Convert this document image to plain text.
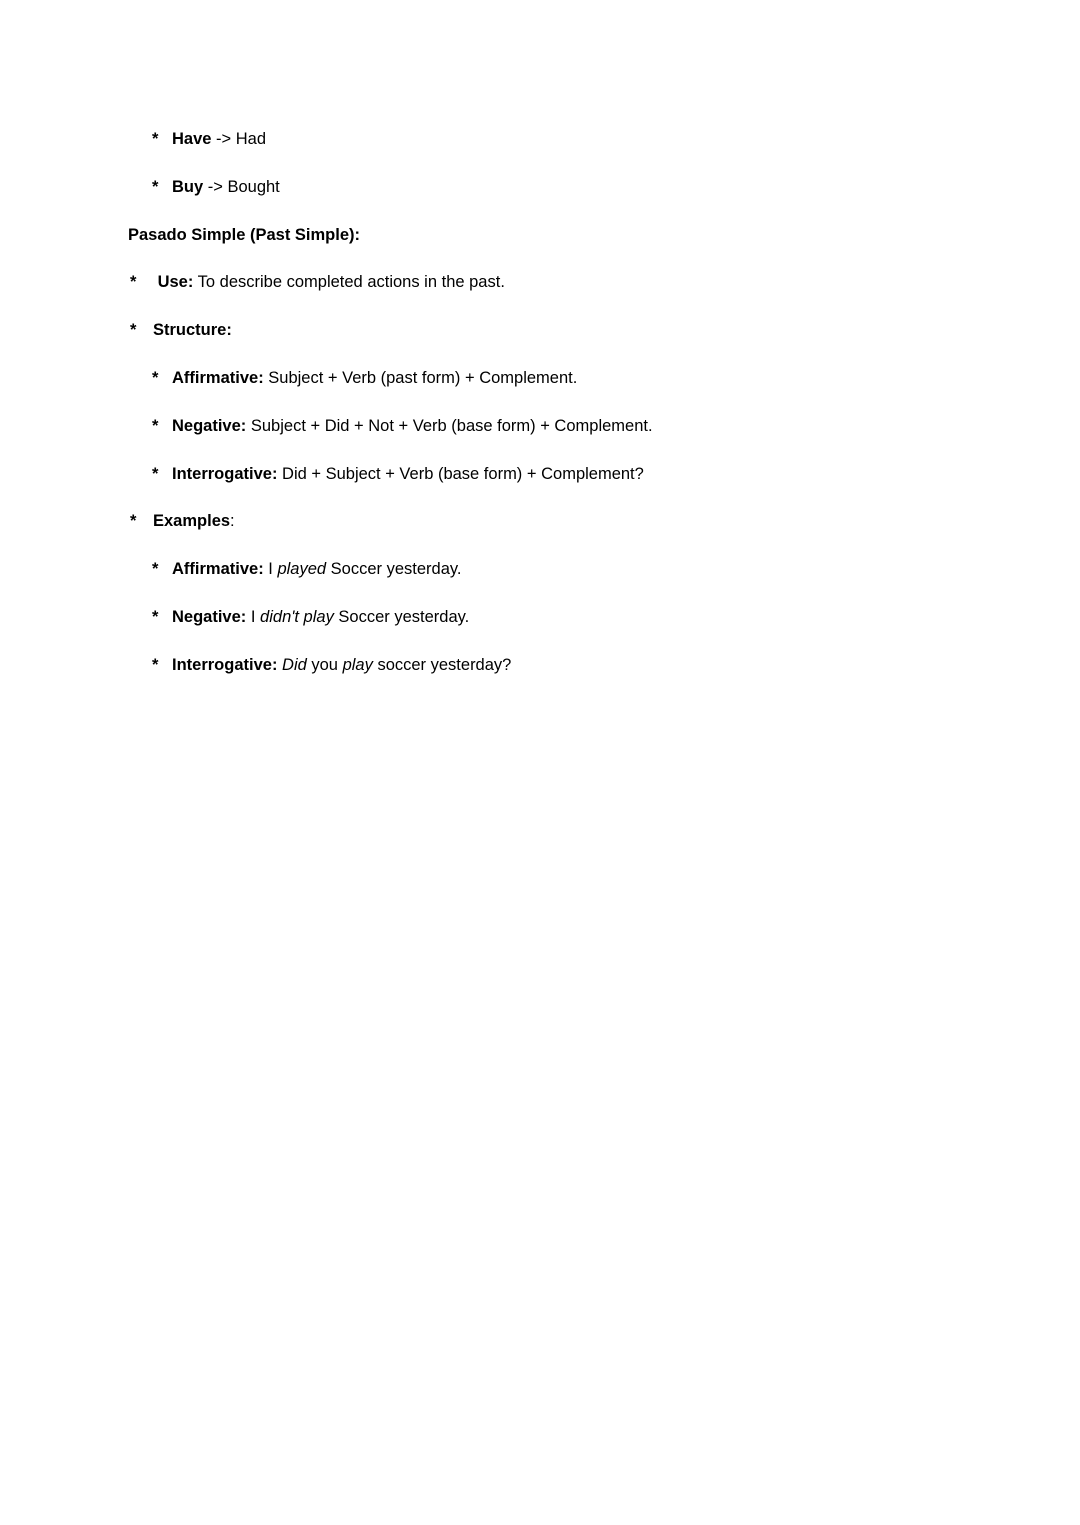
* Have -> Had
* Buy -> Bought
Pasado Simple (Past Simple):
*	Use: To describe completed actions in the past.
*	Structure:
* Affirmative: Subject + Verb (past form) + Complement.
* Negative: Subject + Did + Not + Verb (base form) + Complement.
* Interrogative: Did + Subject + Verb (base form) + Complement?
*	Examples:
* Affirmative: I played Soccer yesterday.
* Negative: I didn't play Soccer yesterday.
* Interrogative: Did you play soccer yesterday?
